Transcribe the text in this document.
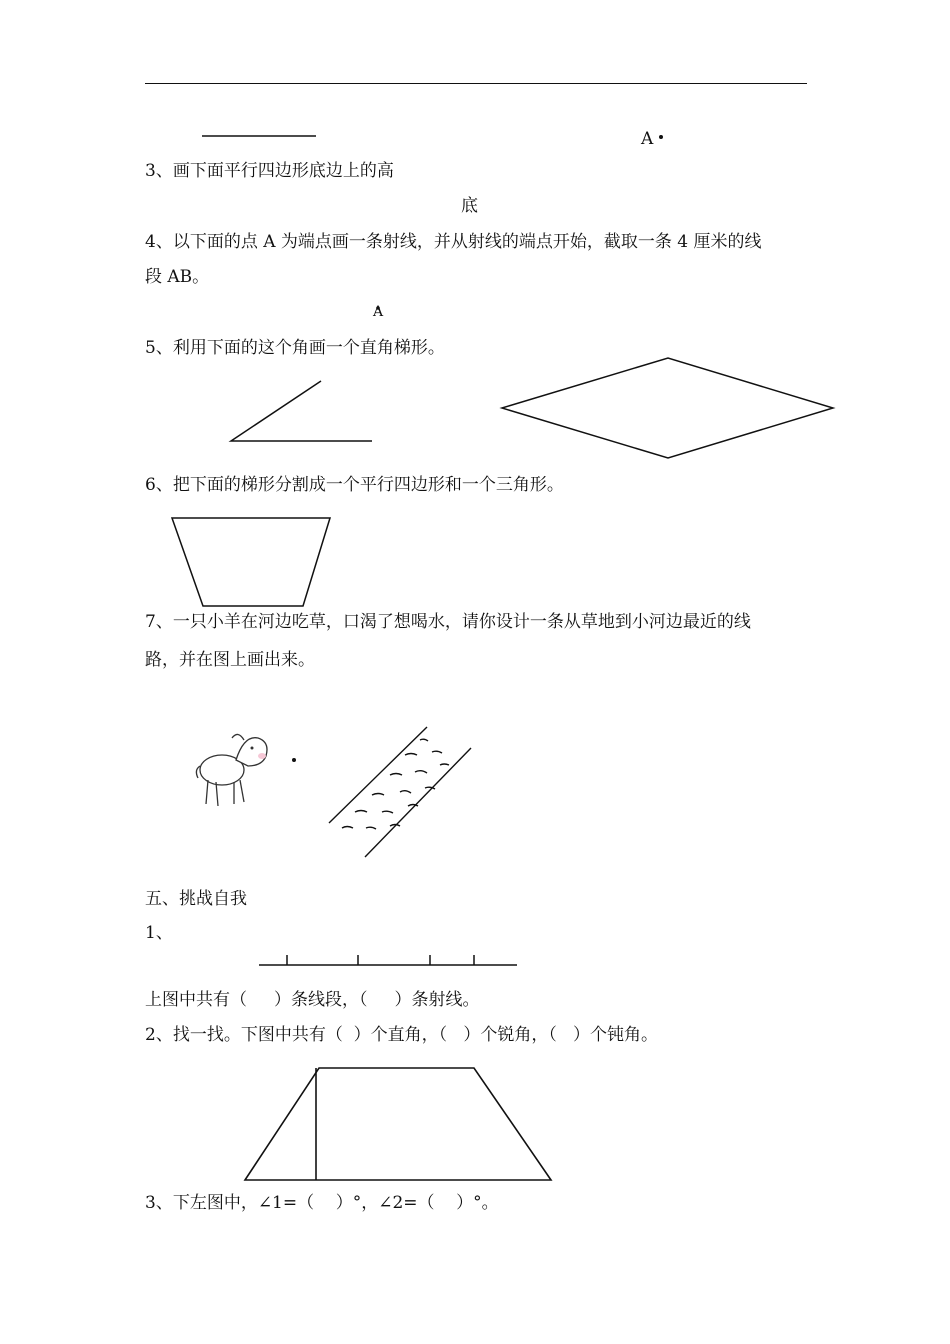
A
3、画下面平行四边形底边上的高
底
4、以下面的点 A 为端点画一条射线，并从射线的端点开始，截取一条 4 厘米的线
段 AB。
A
5、利用下面的这个角画一个直角梯形。
6、把下面的梯形分割成一个平行四边形和一个三角形。
7、一只小羊在河边吃草，口渴了想喝水，请你设计一条从草地到小河边最近的线
路，并在图上画出来。
五、挑战自我
1、
上图中共有（     ）条线段，（     ）条射线。
2、找一找。下图中共有（  ）个直角，（   ）个锐角，（   ）个钝角。
3、下左图中，∠1=（    ）°，∠2=（    ）°。
